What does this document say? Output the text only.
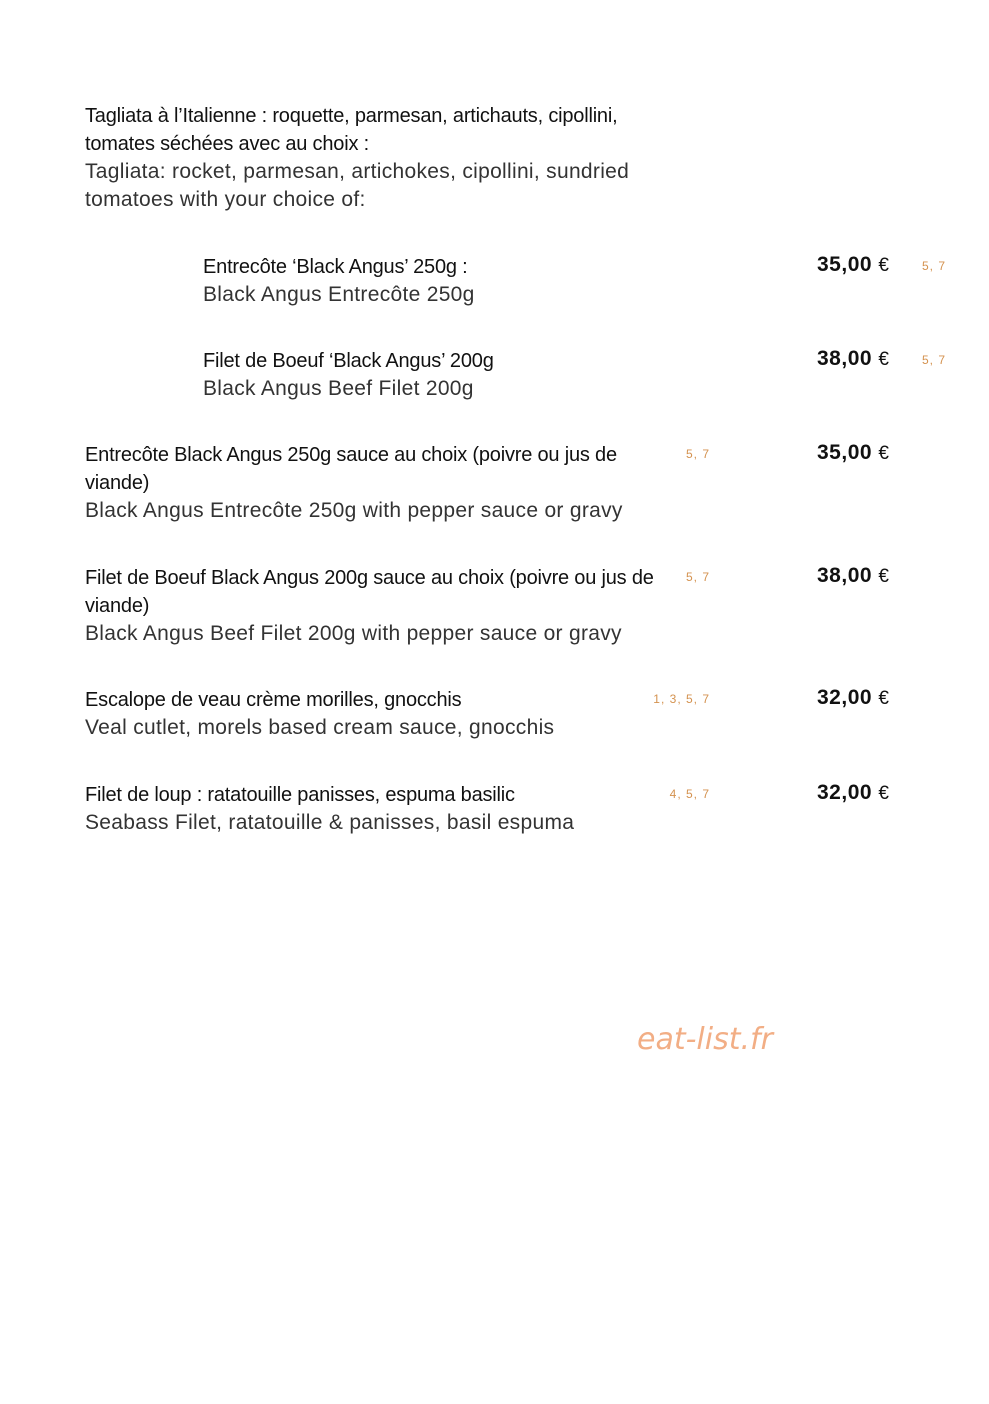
Tagliata à l’Italienne : roquette, parmesan, artichauts, cipollini, tomates séchées avec au choix :
Tagliata: rocket, parmesan, artichokes, cipollini, sundried tomatoes with your choice of:
Entrecôte ‘Black Angus’ 250g :
Black Angus Entrecôte 250g
5, 7
35,00 €
Filet de Boeuf ‘Black Angus’ 200g
Black Angus Beef Filet 200g
5, 7
38,00 €
Entrecôte Black Angus 250g sauce au choix (poivre ou jus de viande)
Black Angus Entrecôte 250g with pepper sauce or gravy
5, 7	35,00 €
Filet de Boeuf Black Angus 200g sauce au choix (poivre ou jus de viande)
Black Angus Beef Filet 200g with pepper sauce or gravy
5, 7	38,00 €
Escalope de veau crème morilles, gnocchis
Veal cutlet, morels based cream sauce, gnocchis
1, 3, 5, 7	32,00 €
Filet de loup : ratatouille panisses, espuma basilic
Seabass Filet, ratatouille & panisses, basil espuma
4, 5, 7	32,00 €
eat-list.fr
